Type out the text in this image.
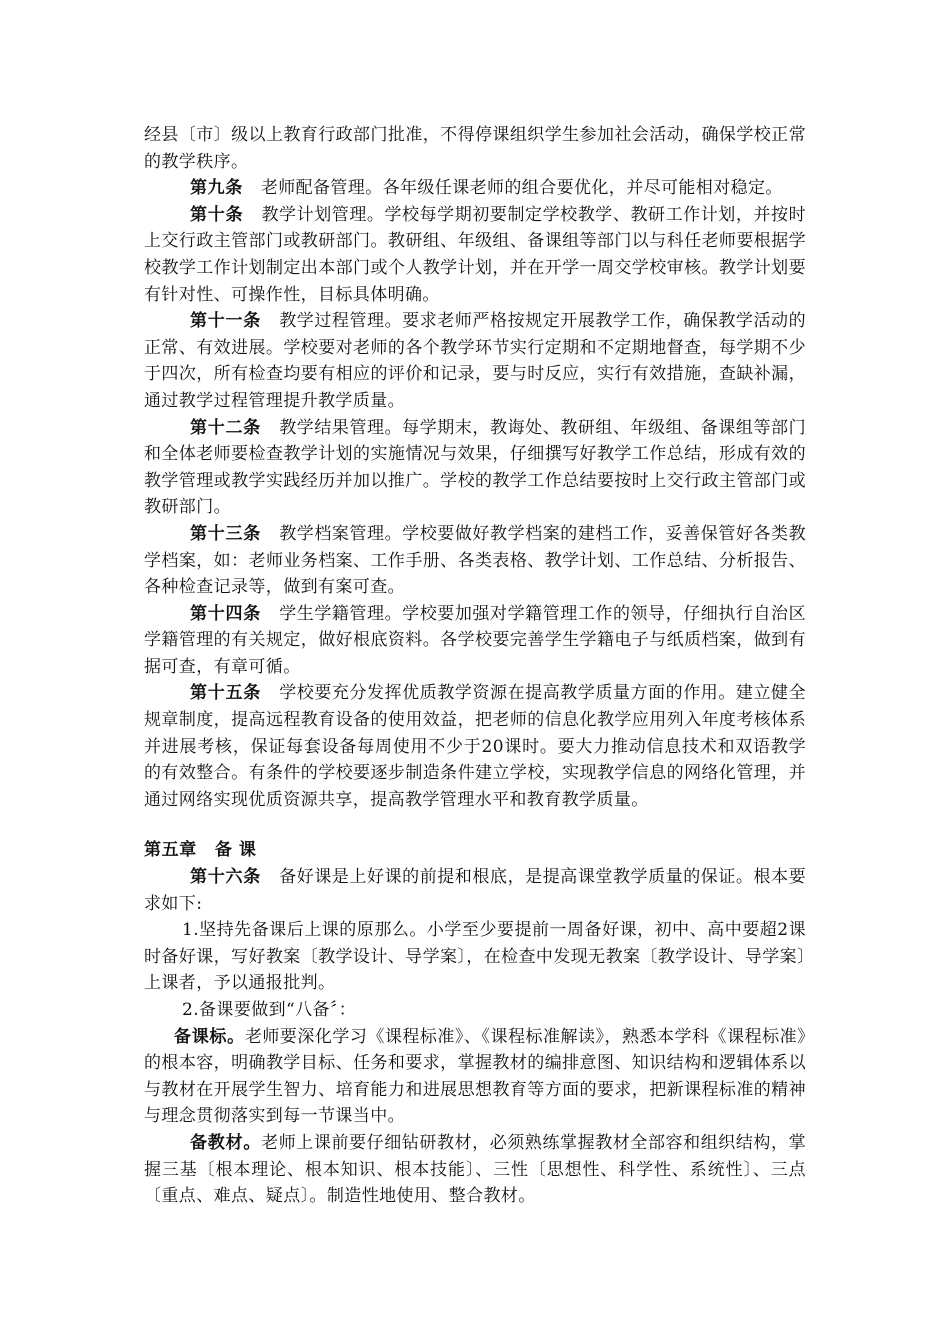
经县〔市〕级以上教育行政部门批准，不得停课组织学生参加社会活动，确保学校正常的教学秩序。

第九条 老师配备管理。各年级任课老师的组合要优化，并尽可能相对稳定。

第十条 教学计划管理。学校每学期初要制定学校教学、教研工作计划，并按时上交行政主管部门或教研部门。教研组、年级组、备课组等部门以与科任老师要根据学校教学工作计划制定出本部门或个人教学计划，并在开学一周交学校审核。教学计划要有针对性、可操作性，目标具体明确。

第十一条 教学过程管理。要求老师严格按规定开展教学工作，确保教学活动的正常、有效进展。学校要对老师的各个教学环节实行定期和不定期地督查，每学期不少于四次，所有检查均要有相应的评价和记录，要与时反应，实行有效措施，查缺补漏，通过教学过程管理提升教学质量。

第十二条 教学结果管理。每学期末，教诲处、教研组、年级组、备课组等部门和全体老师要检查教学计划的实施情况与效果，仔细撰写好教学工作总结，形成有效的教学管理或教学实践经历并加以推广。学校的教学工作总结要按时上交行政主管部门或教研部门。

第十三条 教学档案管理。学校要做好教学档案的建档工作，妥善保管好各类教学档案，如：老师业务档案、工作手册、各类表格、教学计划、工作总结、分析报告、各种检查记录等，做到有案可查。

第十四条 学生学籍管理。学校要加强对学籍管理工作的领导，仔细执行自治区学籍管理的有关规定，做好根底资料。各学校要完善学生学籍电子与纸质档案，做到有据可查，有章可循。

第十五条 学校要充分发挥优质教学资源在提高教学质量方面的作用。建立健全规章制度，提高远程教育设备的使用效益，把老师的信息化教学应用列入年度考核体系并进展考核，保证每套设备每周使用不少于20课时。要大力推动信息技术和双语教学的有效整合。有条件的学校要逐步制造条件建立学校，实现教学信息的网络化管理，并通过网络实现优质资源共享，提高教学管理水平和教育教学质量。

第五章 备 课

第十六条 备好课是上好课的前提和根底，是提高课堂教学质量的保证。根本要求如下:

1.坚持先备课后上课的原那么。小学至少要提前一周备好课，初中、高中要超2课时备好课，写好教案〔教学设计、导学案〕，在检查中发现无教案〔教学设计、导学案〕上课者，予以通报批判。

2.备课要做到“八备〞：

备课标。老师要深化学习《课程标准》、《课程标准解读》，熟悉本学科《课程标准》的根本容，明确教学目标、任务和要求，掌握教材的编排意图、知识结构和逻辑体系以与教材在开展学生智力、培育能力和进展思想教育等方面的要求，把新课程标准的精神与理念贯彻落实到每一节课当中。

备教材。老师上课前要仔细钻研教材，必须熟练掌握教材全部容和组织结构，掌握三基〔根本理论、根本知识、根本技能〕、三性〔思想性、科学性、系统性〕、三点〔重点、难点、疑点〕。制造性地使用、整合教材。
